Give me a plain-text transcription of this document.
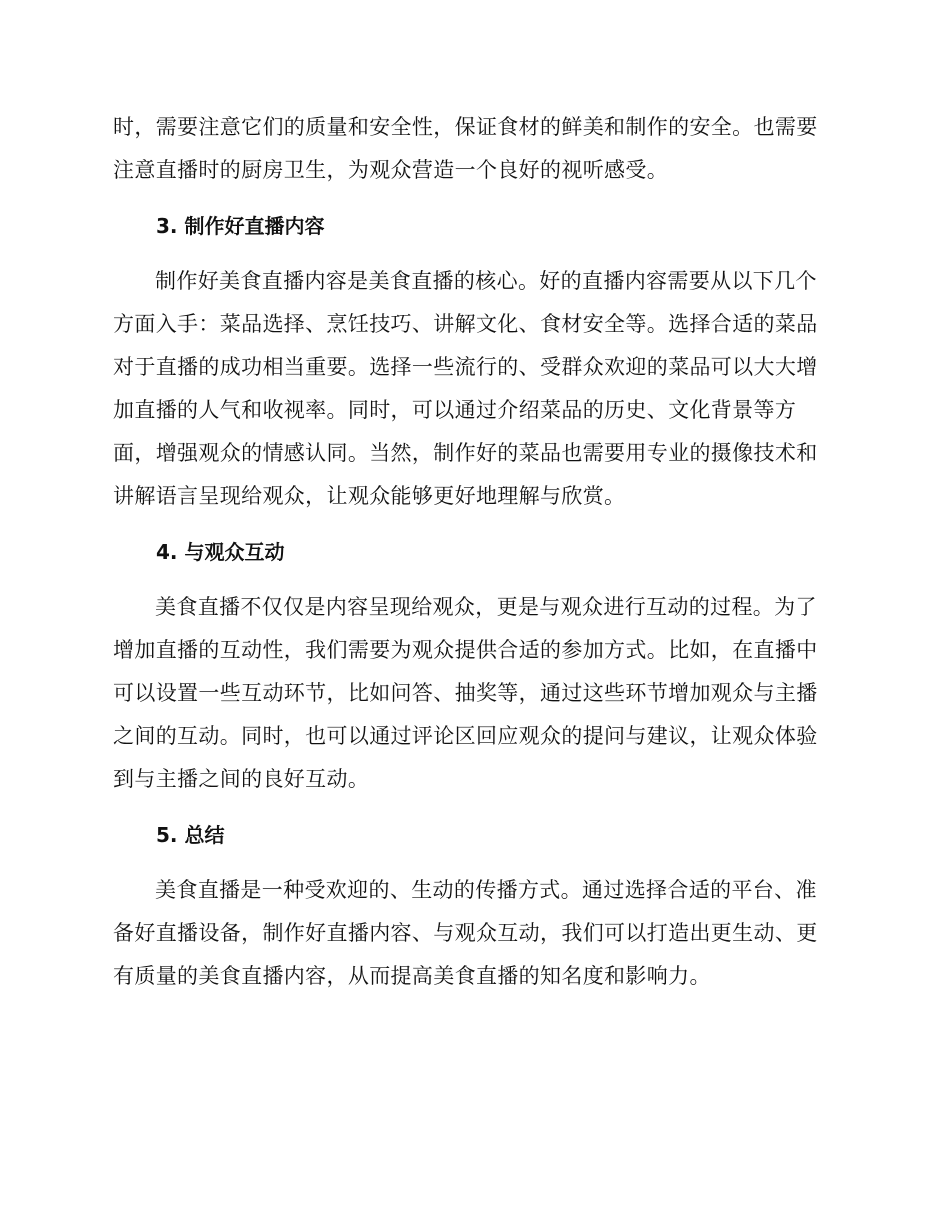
时，需要注意它们的质量和安全性，保证食材的鲜美和制作的安全。也需要
注意直播时的厨房卫生，为观众营造一个良好的视听感受。
3. 制作好直播内容
制作好美食直播内容是美食直播的核心。好的直播内容需要从以下几个
方面入手：菜品选择、烹饪技巧、讲解文化、食材安全等。选择合适的菜品
对于直播的成功相当重要。选择一些流行的、受群众欢迎的菜品可以大大增
加直播的人气和收视率。同时，可以通过介绍菜品的历史、文化背景等方
面，增强观众的情感认同。当然，制作好的菜品也需要用专业的摄像技术和
讲解语言呈现给观众，让观众能够更好地理解与欣赏。
4. 与观众互动
美食直播不仅仅是内容呈现给观众，更是与观众进行互动的过程。为了
增加直播的互动性，我们需要为观众提供合适的参加方式。比如，在直播中
可以设置一些互动环节，比如问答、抽奖等，通过这些环节增加观众与主播
之间的互动。同时，也可以通过评论区回应观众的提问与建议，让观众体验
到与主播之间的良好互动。
5. 总结
美食直播是一种受欢迎的、生动的传播方式。通过选择合适的平台、准
备好直播设备，制作好直播内容、与观众互动，我们可以打造出更生动、更
有质量的美食直播内容，从而提高美食直播的知名度和影响力。
